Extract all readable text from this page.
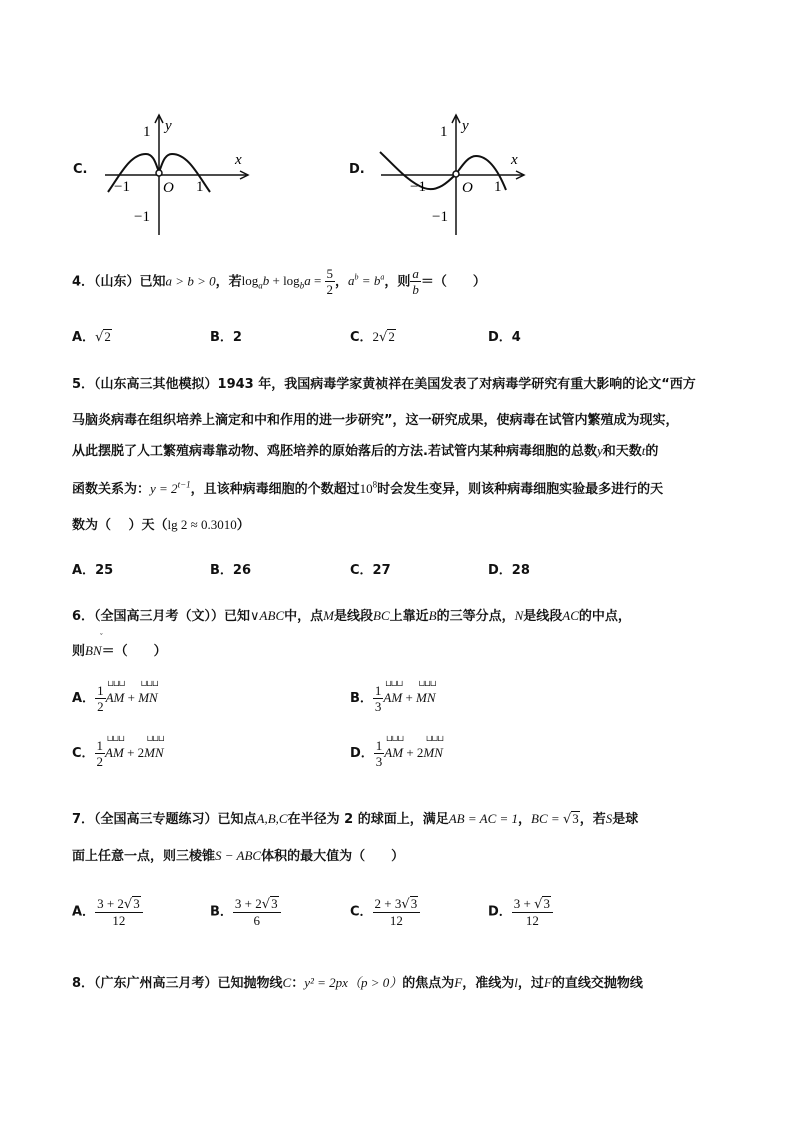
C.
1 y
x
−1 O 1
−1
D.
1 y
x
−1 O 1
−1
4．（山东）已知a > b > 0，若$\log_ab + \log_ba = \frac{5}{2}$ ，$a^b = b^a$，则 $\frac{a}{b}$ ＝（　　）
A．√2	B．2	C．2√2	D．4
5．（山东高三其他模拟）1943 年，我国病毒学家黄祯祥在美国发表了对病毒学研究有重大影响的论文“西方
马脑炎病毒在组织培养上滴定和中和作用的进一步研究”，这一研究成果，使病毒在试管内繁殖成为现实，
从此摆脱了人工繁殖病毒靠动物、鸡胚培养的原始落后的方法.若试管内某种病毒细胞的总数y和天数t的
函数关系为：$y = 2^{t-1}$，且该种病毒细胞的个数超过$10^8$时会发生变异，则该种病毒细胞实验最多进行的天
数为（　 ）天（lg 2 ≈ 0.3010）
A．25	B．26	C．27	D．28
6．（全国高三月考（文））已知∨ABC中，点M是线段BC上靠近B的三等分点，N是线段AC的中点，
则
ˇ
BN＝（　　）
A． $\frac{1}{2}$ ⊔⊔⊔
AM +
⊔⊔⊔
MN	B． $\frac{1}{3}$ ⊔⊔⊔
AM +
⊔⊔⊔
MN
C． $\frac{1}{2}$ ⊔⊔⊔
AM + 2
⊔⊔⊔
MN	D． $\frac{1}{3}$ ⊔⊔⊔
AM + 2
⊔⊔⊔
MN
7．（全国高三专题练习）已知点A,B,C在半径为 2 的球面上，满足AB = AC = 1，BC = √3，若S是球
面上任意一点，则三棱锥S − ABC体积的最大值为（　　）
A． $\frac{3 + 2√3}{12}$	B． $\frac{3 + 2√3}{6}$	C． $\frac{2 + 3√3}{12}$	D． $\frac{3 + √3}{12}$
8．（广东广州高三月考）已知抛物线C：y² = 2px（p > 0）的焦点为F，准线为l，过F的直线交抛物线
